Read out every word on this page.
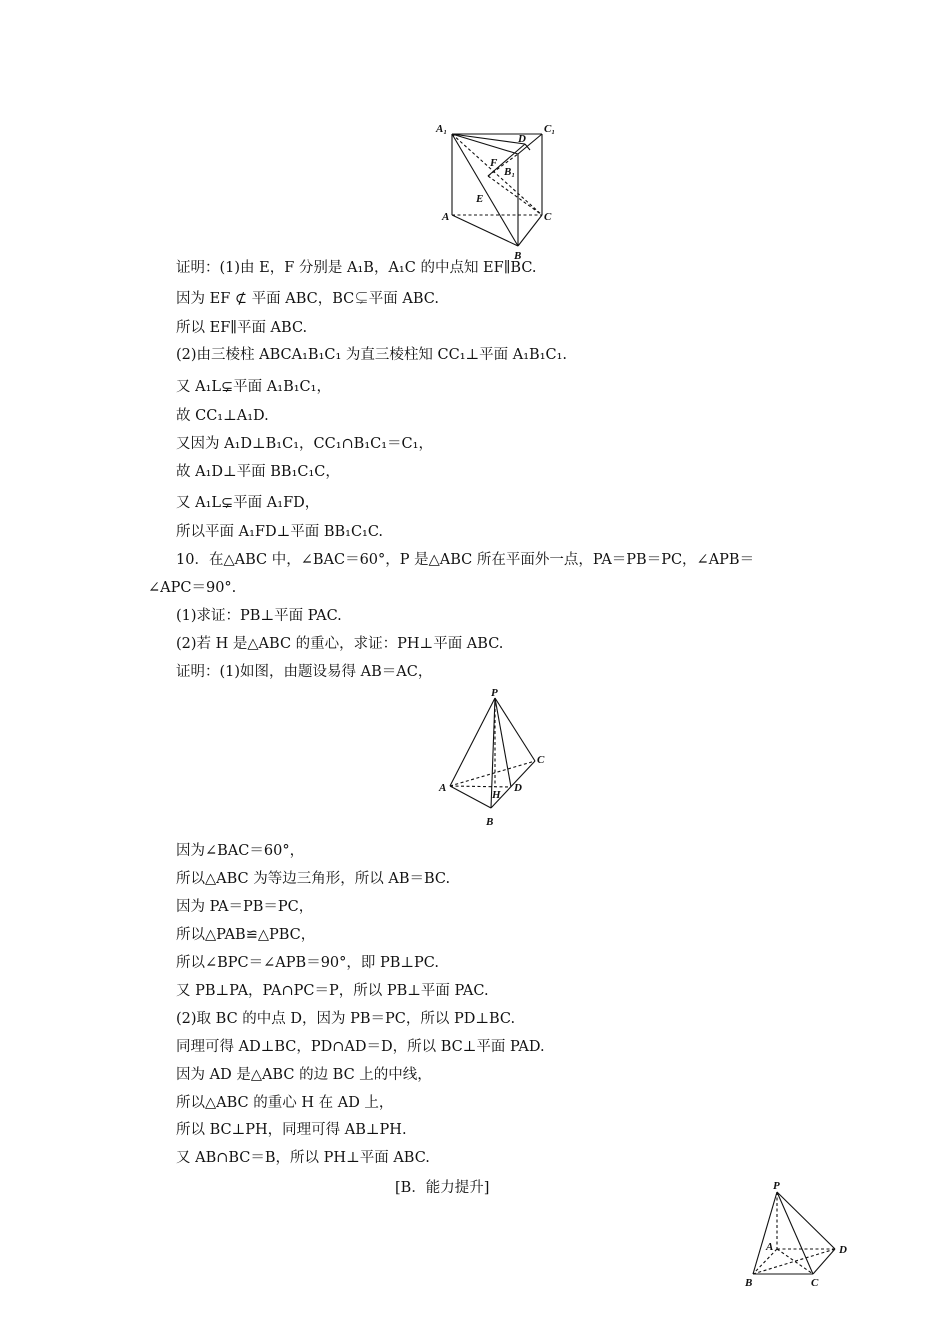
A₁	C₁
D
F
B₁
E
A	C
B
证明：(1)由 E，F 分别是 A₁B，A₁C 的中点知 EF∥BC.
因为 EF ⊄ 平面 ABC，BC⊊平面 ABC.
所以 EF∥平面 ABC.
(2)由三棱柱 ABCA₁B₁C₁ 为直三棱柱知 CC₁⊥平面 A₁B₁C₁.
又 A₁L⊊平面 A₁B₁C₁，
故 CC₁⊥A₁D.
又因为 A₁D⊥B₁C₁，CC₁∩B₁C₁＝C₁，
故 A₁D⊥平面 BB₁C₁C，
又 A₁L⊊平面 A₁FD，
所以平面 A₁FD⊥平面 BB₁C₁C.
10．在△ABC 中，∠BAC＝60°，P 是△ABC 所在平面外一点，PA＝PB＝PC，∠APB＝
∠APC＝90°.
(1)求证：PB⊥平面 PAC.
(2)若 H 是△ABC 的重心，求证：PH⊥平面 ABC.
证明：(1)如图，由题设易得 AB＝AC，
P
C
A
H
D
B
因为∠BAC＝60°，
所以△ABC 为等边三角形，所以 AB＝BC.
因为 PA＝PB＝PC，
所以△PAB≌△PBC，
所以∠BPC＝∠APB＝90°，即 PB⊥PC.
又 PB⊥PA，PA∩PC＝P，所以 PB⊥平面 PAC.
(2)取 BC 的中点 D，因为 PB＝PC，所以 PD⊥BC.
同理可得 AD⊥BC，PD∩AD＝D，所以 BC⊥平面 PAD.
因为 AD 是△ABC 的边 BC 上的中线，
所以△ABC 的重心 H 在 AD 上，
所以 BC⊥PH，同理可得 AB⊥PH.
又 AB∩BC＝B，所以 PH⊥平面 ABC.
[B．能力提升]	P
A	D
B	C
